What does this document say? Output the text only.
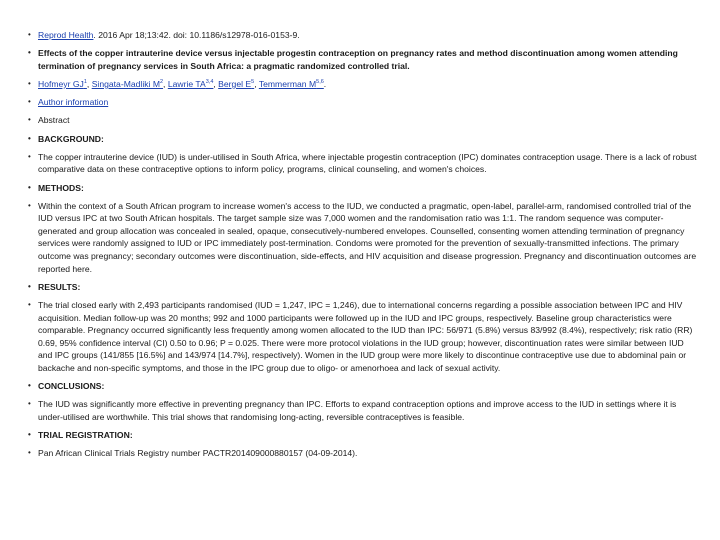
• Reprod Health. 2016 Apr 18;13:42. doi: 10.1186/s12978-016-0153-9.
• Effects of the copper intrauterine device versus injectable progestin contraception on pregnancy rates and method discontinuation among women attending termination of pregnancy services in South Africa: a pragmatic randomized controlled trial.
• Hofmeyr $GJ^1$, Singata-Madliki $M^2$, Lawrie TA$^{3,4}$, Bergel $E^5$, Temmerman M$^{5,6}$.
• Author information
• Abstract
• BACKGROUND:
• The copper intrauterine device (IUD) is under-utilised in South Africa, where injectable progestin contraception (IPC) dominates contraception usage. There is a lack of robust comparative data on these contraceptive options to inform policy, programs, clinical counseling, and women's choices.
• METHODS:
• Within the context of a South African program to increase women's access to the IUD, we conducted a pragmatic, open-label, parallel-arm, randomised controlled trial of the IUD versus IPC at two South African hospitals. The target sample size was 7,000 women and the randomisation ratio was 1:1. The random sequence was computer-generated and group allocation was concealed in sealed, opaque, consecutively-numbered envelopes. Counselled, consenting women attending termination of pregnancy services were randomly assigned to IUD or IPC immediately post-termination. Condoms were promoted for the prevention of sexually-transmitted infections. The primary outcome was pregnancy; secondary outcomes were discontinuation, side-effects, and HIV acquisition and disease progression. Pregnancy and discontinuation outcomes are reported here.
• RESULTS:
• The trial closed early with 2,493 participants randomised (IUD = 1,247, IPC = 1,246), due to international concerns regarding a possible association between IPC and HIV acquisition. Median follow-up was 20 months; 992 and 1000 participants were followed up in the IUD and IPC groups, respectively. Baseline group characteristics were comparable. Pregnancy occurred significantly less frequently among women allocated to the IUD than IPC: 56/971 (5.8%) versus 83/992 (8.4%), respectively; risk ratio (RR) 0.69, 95% confidence interval (CI) 0.50 to 0.96; P = 0.025. There were more protocol violations in the IUD group; however, discontinuation rates were similar between IUD and IPC groups (141/855 [16.5%] and 143/974 [14.7%], respectively). Women in the IUD group were more likely to discontinue contraceptive use due to abdominal pain or backache and non-specific symptoms, and those in the IPC group due to oligo- or amenorhoea and lack of sexual activity.
• CONCLUSIONS:
• The IUD was significantly more effective in preventing pregnancy than IPC. Efforts to expand contraception options and improve access to the IUD in settings where it is under-utilised are worthwhile. This trial shows that randomising long-acting, reversible contraceptives is feasible.
• TRIAL REGISTRATION:
• Pan African Clinical Trials Registry number PACTR201409000880157 (04-09-2014).
